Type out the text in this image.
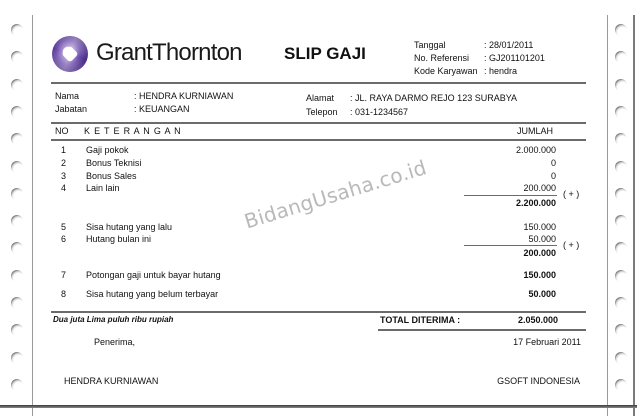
GrantThornton SLIP GAJI	Tanggal	: 28/01/2011
No. Referensi : GJ201101201
Kode Karyawan : hendra
Nama	: HENDRA KURNIAWAN
Jabatan	: KEUANGAN
Alamat : JL. RAYA DARMO REJO 123 SURABYA
Telepon : 031-1234567
NO K E T E R A N G A N	JUMLAH
1 Gaji pokok	2.000.000
2 Bonus Teknisi	0
3 Bonus Sales	0
4 Lain lain	200.000
2.200.000
( + )
5 Sisa hutang yang lalu	150.000
6 Hutang bulan ini	50.000
200.000
( + )
7 Potongan gaji untuk bayar hutang	150.000
8 Sisa hutang yang belum terbayar	50.000
Dua juta Lima puluh ribu rupiah	TOTAL DITERIMA :	2.050.000
Penerima,	17 Februari 2011
HENDRA KURNIAWAN	GSOFT INDONESIA
BidangUsaha.co.id
